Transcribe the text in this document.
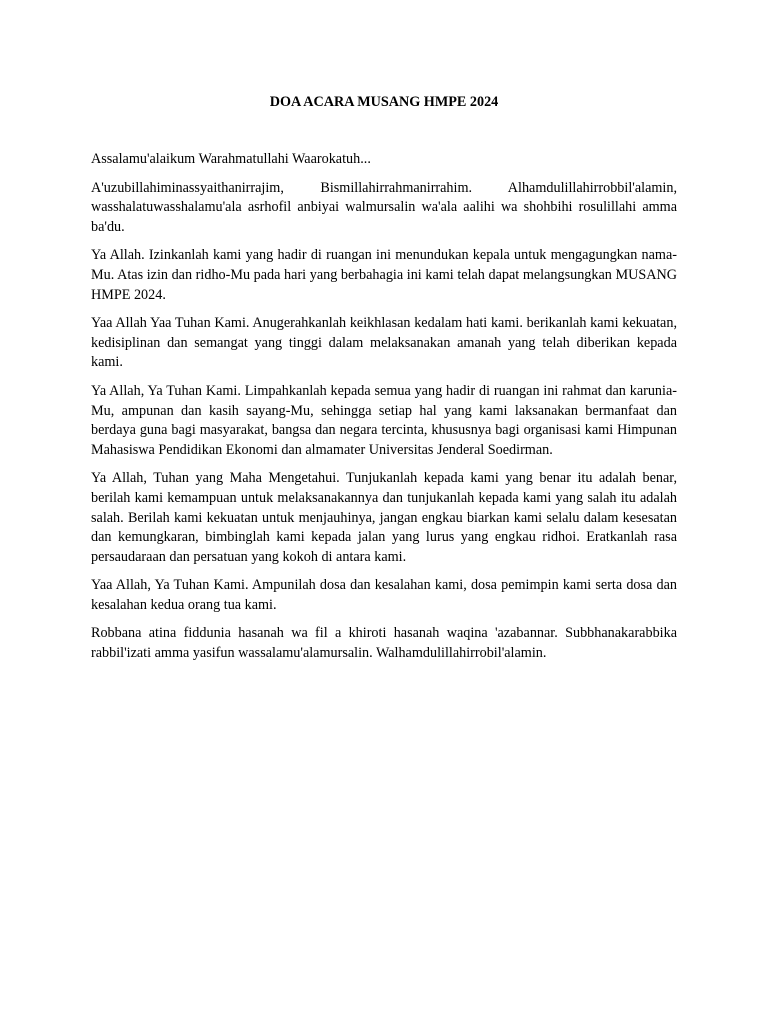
DOA ACARA MUSANG HMPE 2024

Assalamu'alaikum Warahmatullahi Waarokatuh...

A'uzubillahiminassyaithanirrajim, Bismillahirrahmanirrahim. Alhamdulillahirrobbil'alamin, wasshalatuwasshalamu'ala asrhofil anbiyai walmursalin wa'ala aalihi wa shohbihi rosulillahi amma ba'du.

Ya Allah. Izinkanlah kami yang hadir di ruangan ini menundukan kepala untuk mengagungkan nama-Mu. Atas izin dan ridho-Mu pada hari yang berbahagia ini kami telah dapat melangsungkan MUSANG HMPE 2024.

Yaa Allah Yaa Tuhan Kami. Anugerahkanlah keikhlasan kedalam hati kami. berikanlah kami kekuatan, kedisiplinan dan semangat yang tinggi dalam melaksanakan amanah yang telah diberikan kepada kami.

Ya Allah, Ya Tuhan Kami. Limpahkanlah kepada semua yang hadir di ruangan ini rahmat dan karunia-Mu, ampunan dan kasih sayang-Mu, sehingga setiap hal yang kami laksanakan bermanfaat dan berdaya guna bagi masyarakat, bangsa dan negara tercinta, khususnya bagi organisasi kami Himpunan Mahasiswa Pendidikan Ekonomi dan almamater Universitas Jenderal Soedirman.

Ya Allah, Tuhan yang Maha Mengetahui. Tunjukanlah kepada kami yang benar itu adalah benar, berilah kami kemampuan untuk melaksanakannya dan tunjukanlah kepada kami yang salah itu adalah salah. Berilah kami kekuatan untuk menjauhinya, jangan engkau biarkan kami selalu dalam kesesatan dan kemungkaran, bimbinglah kami kepada jalan yang lurus yang engkau ridhoi. Eratkanlah rasa persaudaraan dan persatuan yang kokoh di antara kami.

Yaa Allah, Ya Tuhan Kami. Ampunilah dosa dan kesalahan kami, dosa pemimpin kami serta dosa dan kesalahan kedua orang tua kami.

Robbana atina fiddunia hasanah wa fil a khiroti hasanah waqina 'azabannar. Subbhanakarabbika rabbil'izati amma yasifun wassalamu'alamursalin. Walhamdulillahirrobil'alamin.
